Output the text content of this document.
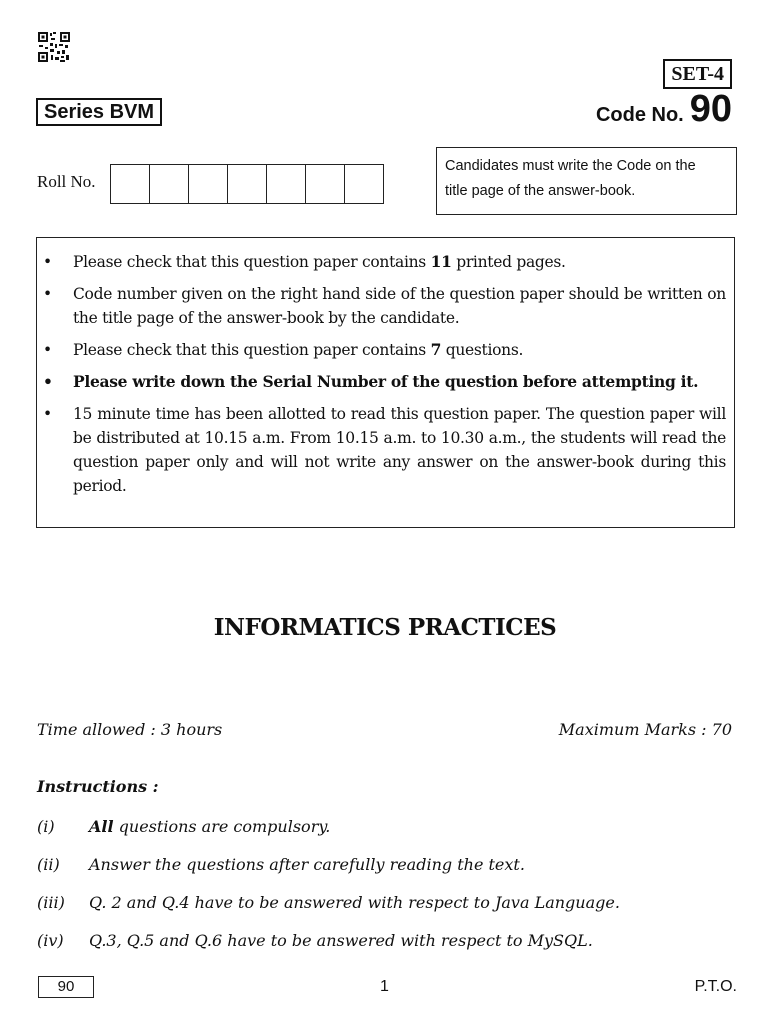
SET-4
Series BVM	Code No. 90
Roll No.
Candidates must write the Code on the
title page of the answer-book.
• Please check that this question paper contains 11 printed pages.
• Code number given on the right hand side of the question paper should be written on the title page of the answer-book by the candidate.
• Please check that this question paper contains 7 questions.
• Please write down the Serial Number of the question before attempting it.
• 15 minute time has been allotted to read this question paper. The question paper will be distributed at 10.15 a.m. From 10.15 a.m. to 10.30 a.m., the students will read the question paper only and will not write any answer on the answer-book during this period.
INFORMATICS PRACTICES
Time allowed : 3 hours	Maximum Marks : 70
Instructions :
(i)	All questions are compulsory.
(ii)	Answer the questions after carefully reading the text.
(iii)	Q. 2 and Q.4 have to be answered with respect to Java Language.
(iv)	Q.3, Q.5 and Q.6 have to be answered with respect to MySQL.
90	1	P.T.O.
